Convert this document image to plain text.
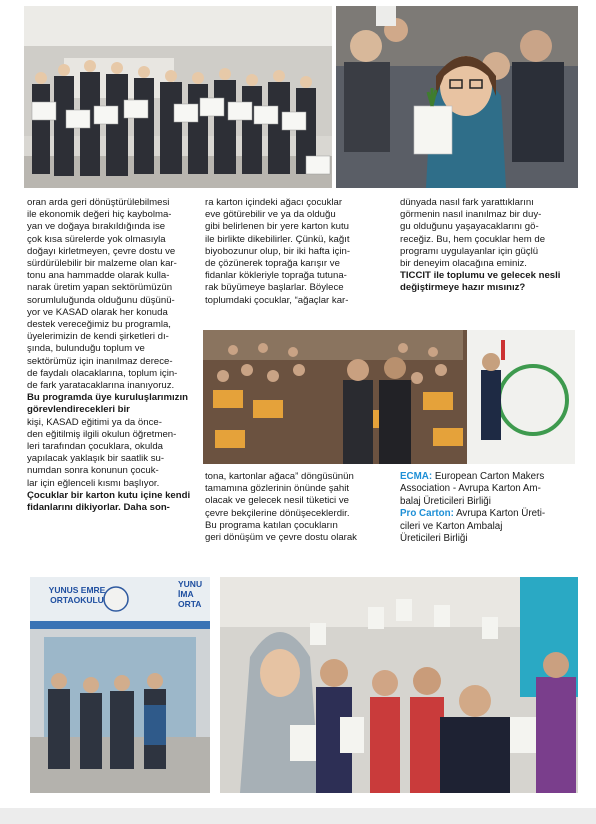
oran arda geri dönüştürülebilmesi

ile ekonomik değeri hiç kaybolma-

yan ve doğaya bırakıldığında ise

çok kısa sürelerde yok olmasıyla

doğayı kirletmeyen, çevre dostu ve

sürdürülebilir bir malzeme olan kar-

tonu ana hammadde olarak kulla-

narak üretim yapan sektörümüzün

sorumluluğunda olduğunu düşünü-

yor ve KASAD olarak her konuda

destek vereceğimiz bu programla,

üyelerimizin de kendi şirketleri dı-

şında, bulunduğu toplum ve

sektörümüz için inanılmaz derece-

de faydalı olacaklarına, toplum için-

de fark yaratacaklarına inanıyoruz.

Bu programda üye kuruluşlarımızın

görevlendirecekleri bir

kişi, KASAD eğitimi ya da önce-

den eğitilmiş ilgili okulun öğretmen-

leri tarafından çocuklara, okulda

yapılacak yaklaşık bir saatlik su-

numdan sonra konunun çocuk-

lar için eğlenceli kısmı başlıyor.

Çocuklar bir karton kutu içine kendi

fidanlarını dikiyorlar. Daha son-

ra karton içindeki ağacı çocuklar

eve götürebilir ve ya da olduğu

gibi belirlenen bir yere karton kutu

ile birlikte dikebilirler. Çünkü, kağıt

biyobozunur olup, bir iki hafta için-

de çözünerek toprağa karışır ve

fidanlar kökleriyle toprağa tutuna-

rak büyümeye başlarlar. Böylece

toplumdaki çocuklar, “ağaçlar kar-

dünyada nasıl fark yarattıklarını

görmenin nasıl inanılmaz bir duy-

gu olduğunu yaşayacaklarını gö-

receğiz. Bu, hem çocuklar hem de

programı uygulayanlar için güçlü

bir deneyim olacağına eminiz.

TICCIT ile toplumu ve gelecek nesli

değiştirmeye hazır mısınız?

tona, kartonlar ağaca” döngüsünün

tamamına gözlerinin önünde şahit

olacak ve gelecek nesil tüketici ve

çevre bekçilerine dönüşeceklerdir.

Bu programa katılan çocukların

geri dönüşüm ve çevre dostu olarak

ECMA: European Carton Makers
Association - Avrupa Karton Am-
balaj Üreticileri Birliği
Pro Carton: Avrupa Karton Üreti-
cileri ve Karton Ambalaj
Üreticileri Birliği
YUNUS EMRE
ORTAOKULU
YUNU
İMA
ORTA
